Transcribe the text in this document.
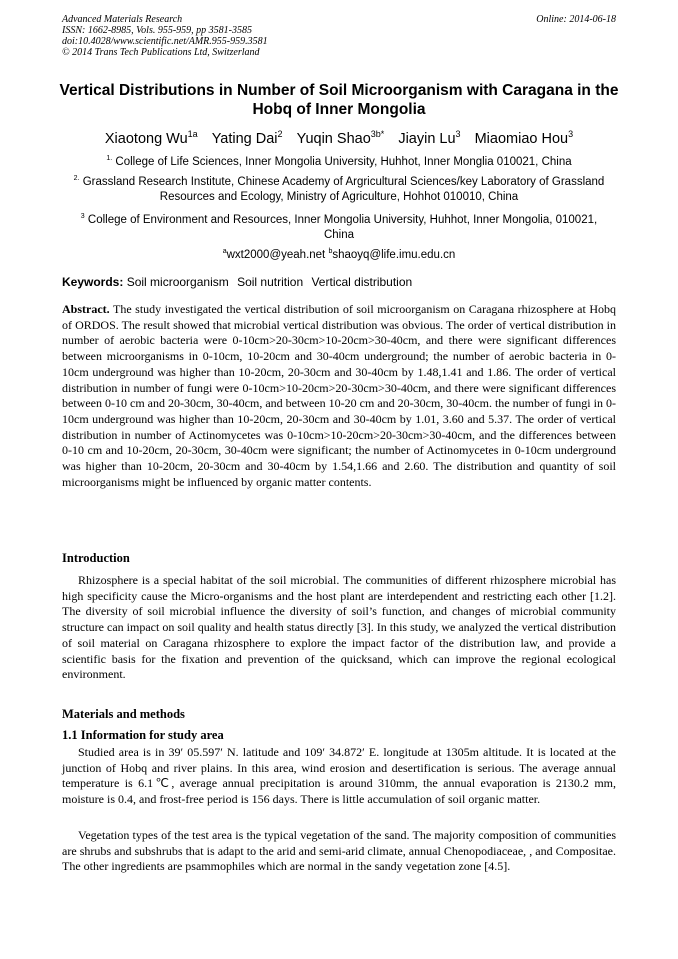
Advanced Materials Research
ISSN: 1662-8985, Vols. 955-959, pp 3581-3585
doi:10.4028/www.scientific.net/AMR.955-959.3581
© 2014 Trans Tech Publications Ltd, Switzerland
Online: 2014-06-18
Vertical Distributions in Number of Soil Microorganism with Caragana in the Hobq of Inner Mongolia
Xiaotong $Wu^{1a}$ Yating Dai$^2$ Yuqin Shao$^{3b*}$ Jiayin Lu$^3$ Miaomiao Hou$^3$
$^{1.}$ College of Life Sciences, Inner Mongolia University, Huhhot, Inner Monglia 010021, China
$^{2.}$ Grassland Research Institute, Chinese Academy of Argricultural Sciences/key Laboratory of Grassland Resources and Ecology, Ministry of Agriculture, Hohhot 010010, China
$^3$ College of Environment and Resources, Inner Mongolia University, Huhhot, Inner Mongolia, 010021, China
$^a$wxt2000@yeah.net $^b$shaoyq@life.imu.edu.cn
Keywords: Soil microorganism Soil nutrition Vertical distribution
Abstract. The study investigated the vertical distribution of soil microorganism on Caragana rhizosphere at Hobq of ORDOS. The result showed that microbial vertical distribution was obvious. The order of vertical distribution in number of aerobic bacteria were 0-10cm>20-30cm>10-20cm>30-40cm, and there were significant differences between microorganisms in 0-10cm, 10-20cm and 30-40cm underground; the number of aerobic bacteria in 0-10cm underground was higher than 10-20cm, 20-30cm and 30-40cm by 1.48,1.41 and 1.86. The order of vertical distribution in number of fungi were 0-10cm>10-20cm>20-30cm>30-40cm, and there were significant differences between 0-10 cm and 20-30cm, 30-40cm, and between 10-20 cm and 20-30cm, 30-40cm. the number of fungi in 0-10cm underground was higher than 10-20cm, 20-30cm and 30-40cm by 1.01, 3.60 and 5.37. The order of vertical distribution in number of Actinomycetes was 0-10cm>10-20cm>20-30cm>30-40cm, and the differences between 0-10 cm and 10-20cm, 20-30cm, 30-40cm were significant; the number of Actinomycetes in 0-10cm underground was higher than 10-20cm, 20-30cm and 30-40cm by 1.54,1.66 and 2.60. The distribution and quantity of soil microorganisms might be influenced by organic matter contents.
Introduction
Rhizosphere is a special habitat of the soil microbial. The communities of different rhizosphere microbial has high specificity cause the Micro-organisms and the host plant are interdependent and restricting each other [1.2]. The diversity of soil microbial influence the diversity of soil’s function, and changes of microbial community structure can impact on soil quality and health status directly [3]. In this study, we analyzed the vertical distribution of soil material on Caragana rhizosphere to explore the impact factor of the distribution law, and provide a scientific basis for the fixation and prevention of the quicksand, which can improve the regional ecological environment.
Materials and methods
1.1 Information for study area
Studied area is in 39′ 05.597′ N. latitude and 109′ 34.872′ E. longitude at 1305m altitude. It is located at the junction of Hobq and river plains. In this area, wind erosion and desertification is serious. The average annual temperature is 6.1℃, average annual precipitation is around 310mm, the annual evaporation is 2130.2 mm, moisture is 0.4, and frost-free period is 156 days. There is little accumulation of soil organic matter.
Vegetation types of the test area is the typical vegetation of the sand. The majority composition of communities are shrubs and subshrubs that is adapt to the arid and semi-arid climate, annual Chenopodiaceae, , and Compositae. The other ingredients are psammophiles which are normal in the sandy vegetation zone [4.5].
